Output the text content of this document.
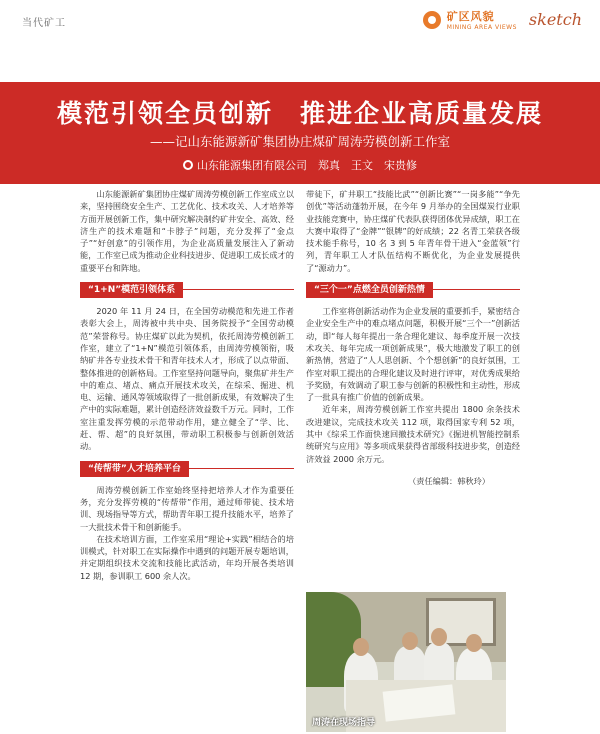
当代矿工
矿区风貌
MINING AREA VIEWS sketch
模范引领全员创新　推进企业高质量发展
——记山东能源新矿集团协庄煤矿周涛劳模创新工作室
山东能源集团有限公司　郑真　王文　宋贵修

山东能源新矿集团协庄煤矿周涛劳模创新工作室成立以来，坚持围绕安全生产、工艺优化、技术攻关、人才培养等方面开展创新工作，集中研究解决制约矿井安全、高效、经济生产的技术难题和“卡脖子”问题，充分发挥了“金点子”“好创意”的引领作用，为企业高质量发展注入了新动能，工作室已成为推动企业科技进步、促进职工成长成才的重要平台和阵地。

“1+N”模范引领体系

2020 年 11 月 24 日，在全国劳动模范和先进工作者表彰大会上，周涛被中共中央、国务院授予“全国劳动模范”荣誉称号。协庄煤矿以此为契机，依托周涛劳模创新工作室，建立了“1+N”模范引领体系，由周涛劳模领衔，吸纳矿井各专业技术骨干和青年技术人才，形成了以点带面、整体推进的创新格局。工作室坚持问题导向，聚焦矿井生产中的难点、堵点、痛点开展技术攻关，在综采、掘进、机电、运输、通风等领域取得了一批创新成果，有效解决了生产中的实际难题，累计创造经济效益数千万元。同时，工作室注重发挥劳模的示范带动作用，建立健全了“学、比、赶、帮、超”的良好氛围，带动职工积极参与创新创效活动。

“传帮带”人才培养平台

周涛劳模创新工作室始终坚持把培养人才作为重要任务，充分发挥劳模的“传帮带”作用，通过师带徒、技术培训、现场指导等方式，帮助青年职工提升技能水平，培养了一大批技术骨干和创新能手。

在技术培训方面，工作室采用“理论+实践”相结合的培训模式，针对职工在实际操作中遇到的问题开展专题培训，并定期组织技术交流和技能比武活动，年均开展各类培训 12 期，参训职工 600 余人次。

带徒下，矿井职工“技能比武”“创新比赛”“一岗多能”“争先创优”等活动蓬勃开展，在今年 9 月举办的全国煤炭行业职业技能竞赛中，协庄煤矿代表队获得团体优异成绩，职工在大赛中取得了“金牌”“银牌”的好成绩；22 名青工荣获各级技术能手称号，10 名 3 到 5 年青年骨干进入“金蓝领”行列，青年职工人才队伍结构不断优化，为企业发展提供了“源动力”。

“三个一”点燃全员创新热情

工作室将创新活动作为企业发展的重要抓手，紧密结合企业安全生产中的难点堵点问题，积极开展“三个一”创新活动，即“每人每年提出一条合理化建议、每季度开展一次技术攻关、每年完成一项创新成果”，极大地激发了职工的创新热情，营造了“人人思创新、个个想创新”的良好氛围，工作室对职工提出的合理化建议及时进行评审，对优秀成果给予奖励，有效调动了职工参与创新的积极性和主动性，形成了一批具有推广价值的创新成果。

近年来，周涛劳模创新工作室共提出 1800 余条技术改进建议，完成技术攻关 112 项，取得国家专利 52 项，其中《综采工作面快速回撤技术研究》《掘进机智能控制系统研究与应用》等多项成果获得省部级科技进步奖，创造经济效益 2000 余万元。

（责任编辑：韩秋玲）
周涛在现场指导
